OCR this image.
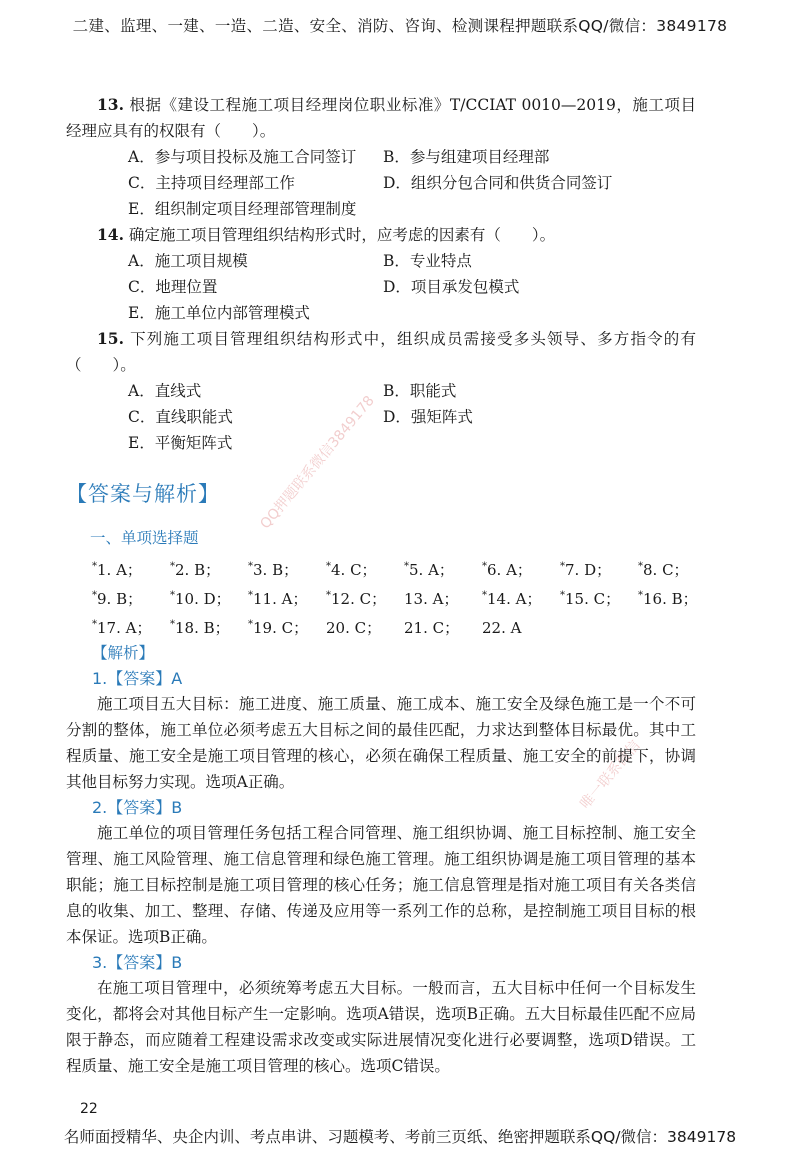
二建、监理、一建、一造、二造、安全、消防、咨询、检测课程押题联系QQ/微信：3849178
QQ押题联系微信3849178
唯一联系微信

13. 根据《建设工程施工项目经理岗位职业标准》T/CCIAT 0010—2019，施工项目经理应具有的权限有（　　）。

A．参与项目投标及施工合同签订	B．参与组建项目经理部
C．主持项目经理部工作	D．组织分包合同和供货合同签订
E．组织制定项目经理部管理制度

14. 确定施工项目管理组织结构形式时，应考虑的因素有（　　）。

A．施工项目规模	B．专业特点
C．地理位置	D．项目承发包模式
E．施工单位内部管理模式

15. 下列施工项目管理组织结构形式中，组织成员需接受多头领导、多方指令的有（　　）。

A．直线式	B．职能式
C．直线职能式	D．强矩阵式
E．平衡矩阵式
【答案与解析】
一、单项选择题
*1. A；	*2. B；	*3. B；	*4. C；	*5. A；	*6. A；	*7. D；	*8. C；
*9. B；	*10. D；	*11. A；	*12. C；	13. A；	*14. A；	*15. C；	*16. B；
*17. A；	*18. B；	*19. C；	20. C；	21. C；	22. A
【解析】
1.【答案】A

施工项目五大目标：施工进度、施工质量、施工成本、施工安全及绿色施工是一个不可分割的整体，施工单位必须考虑五大目标之间的最佳匹配，力求达到整体目标最优。其中工程质量、施工安全是施工项目管理的核心，必须在确保工程质量、施工安全的前提下，协调其他目标努力实现。选项A正确。

2.【答案】B

施工单位的项目管理任务包括工程合同管理、施工组织协调、施工目标控制、施工安全管理、施工风险管理、施工信息管理和绿色施工管理。施工组织协调是施工项目管理的基本职能；施工目标控制是施工项目管理的核心任务；施工信息管理是指对施工项目有关各类信息的收集、加工、整理、存储、传递及应用等一系列工作的总称，是控制施工项目目标的根本保证。选项B正确。

3.【答案】B

在施工项目管理中，必须统筹考虑五大目标。一般而言，五大目标中任何一个目标发生变化，都将会对其他目标产生一定影响。选项A错误，选项B正确。五大目标最佳匹配不应局限于静态，而应随着工程建设需求改变或实际进展情况变化进行必要调整，选项D错误。工程质量、施工安全是施工项目管理的核心。选项C错误。

22
名师面授精华、央企内训、考点串讲、习题模考、考前三页纸、绝密押题联系QQ/微信：3849178
